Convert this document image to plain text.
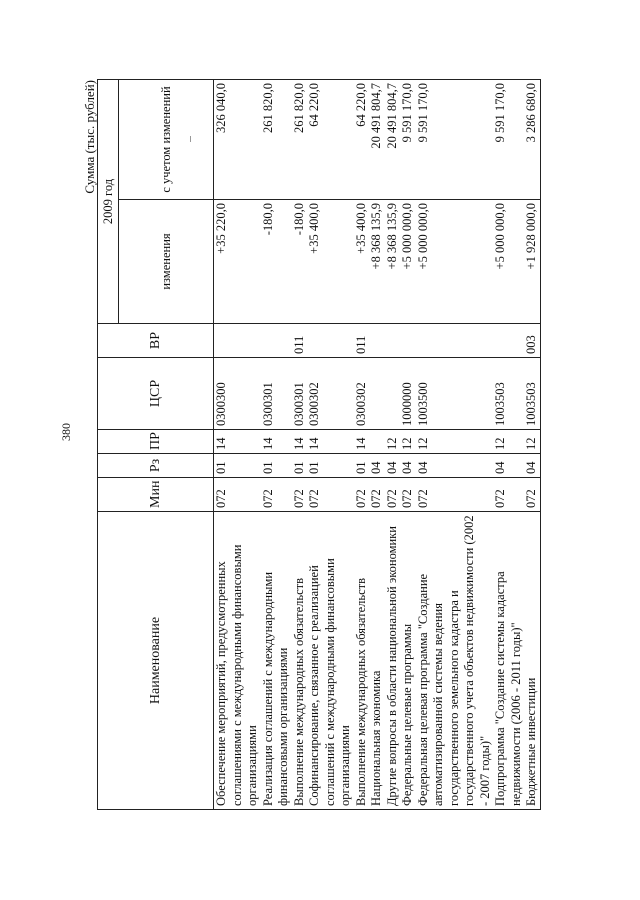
380
Сумма (тыс. рублей)
Наименование	Мин	Рз	ПР	ЦСР	ВР	2009 год	
						изменения	с учетом изменений
Обеспечение мероприятий, предусмотренных соглашениями с международными финансовыми организациями	072	01	14	0300300		+35 220,0	326 040,0
Реализация соглашений с международными финансовыми организациями	072	01	14	0300301		-180,0	261 820,0
Выполнение международных обязательств	072	01	14	0300301	011	-180,0	261 820,0
Софинансирование, связанное с реализацией соглашений с международными финансовыми организациями	072	01	14	0300302		+35 400,0	64 220,0
Выполнение международных обязательств	072	01	14	0300302	011	+35 400,0	64 220,0
Национальная экономика	072	04				+8 368 135,9	20 491 804,7
Другие вопросы в области национальной экономики	072	04	12			+8 368 135,9	20 491 804,7
Федеральные целевые программы	072	04	12	1000000		+5 000 000,0	9 591 170,0
Федеральная целевая программа "Создание автоматизированной системы ведения государственного земельного кадастра и государственного учета объектов недвижимости (2002 - 2007 годы)"	072	04	12	1003500		+5 000 000,0	9 591 170,0
Подпрограмма "Создание системы кадастра недвижимости (2006 - 2011 годы)"	072	04	12	1003503		+5 000 000,0	9 591 170,0
Бюджетные инвестиции	072	04	12	1003503	003	+1 928 000,0	3 286 680,0
